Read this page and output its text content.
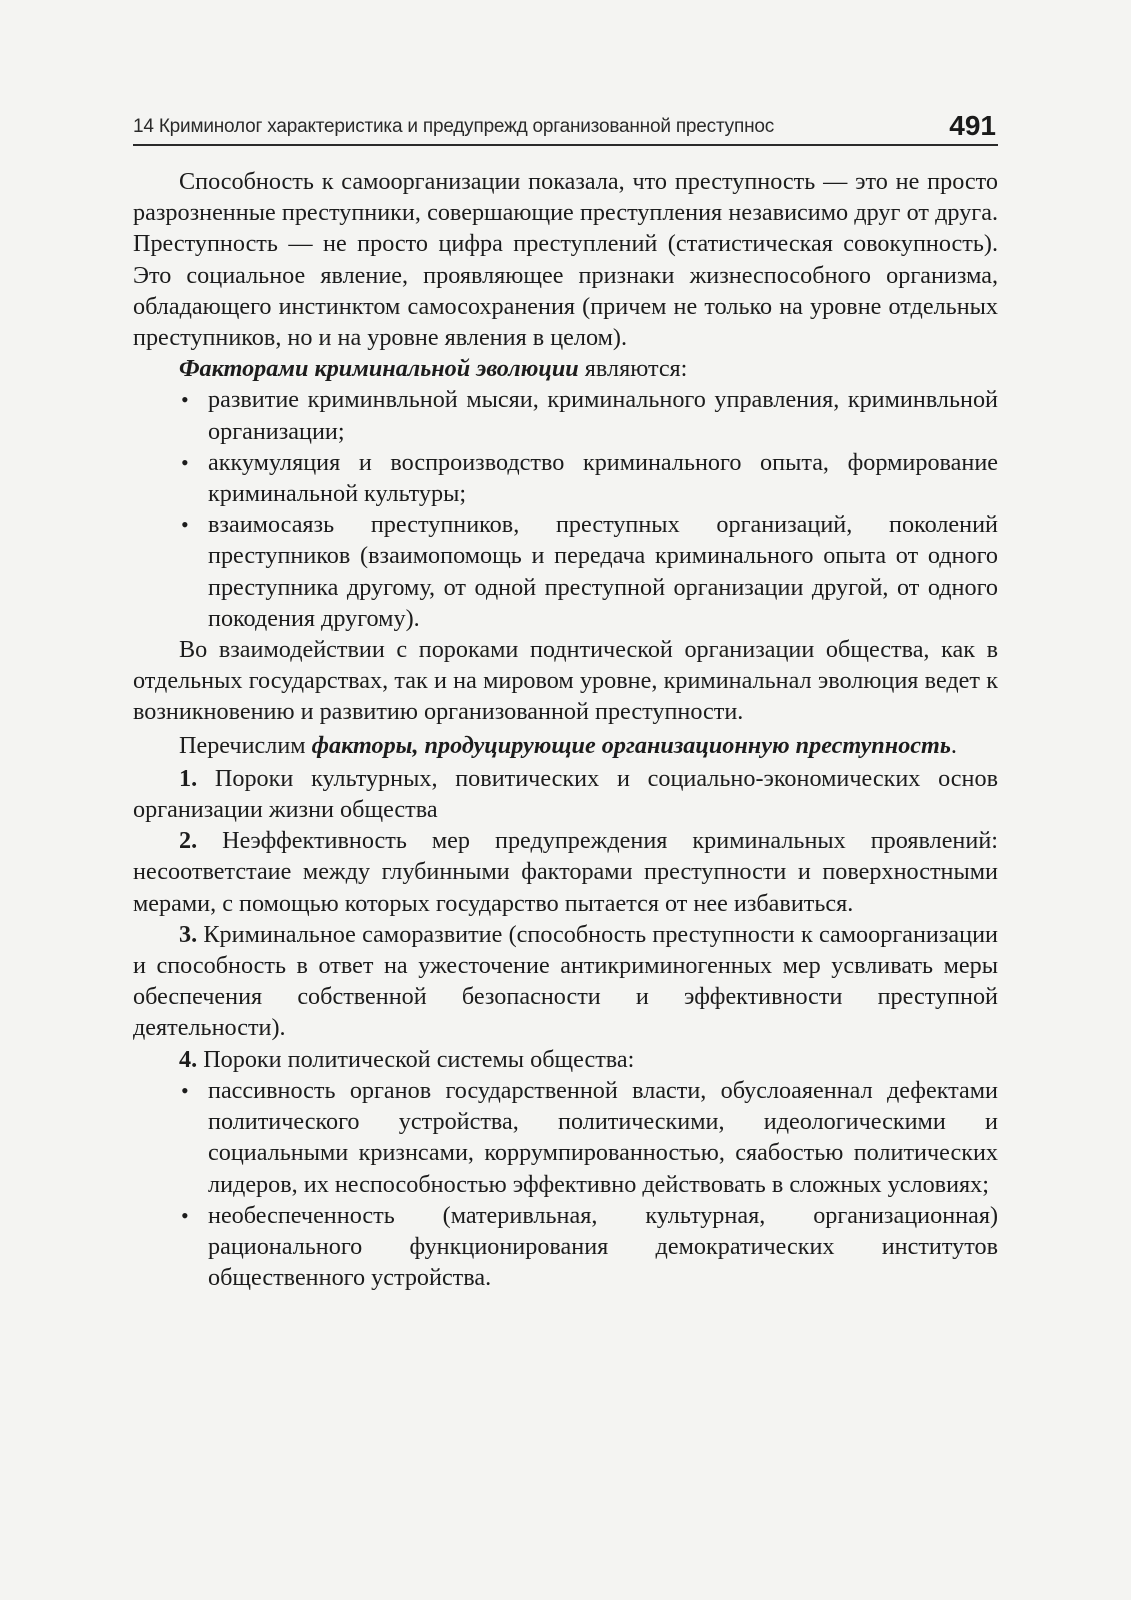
14 Криминолог характеристика и предупрежд организованной преступнос	491

Способность к самоорганизации показала, что преступность — это не просто разрозненные преступники, совершающие преступления независимо друг от друга. Преступность — не просто цифра преступлений (статистическая совокупность). Это социальное явление, проявляющее признаки жизнеспособного организма, обладающего инстинктом самосохранения (причем не только на уровне отдельных преступников, но и на уровне явления в целом).

Факторами криминальной эволюции являются:

• развитие криминвльной мысяи, криминального управления, криминвльной организации;
• аккумуляция и воспроизводство криминального опыта, формирование криминальной культуры;
• взаимосаязь преступников, преступных организаций, поколений преступников (взаимопомощь и передача криминального опыта от одного преступника другому, от одной преступной организации другой, от одного покодения другому).

Во взаимодействии с пороками поднтической организации общества, как в отдельных государствах, так и на мировом уровне, криминальнал эволюция ведет к возникновению и развитию организованной преступности.

Перечислим факторы, продуцирующие организационную преступность.

1. Пороки культурных, повитических и социально-экономических основ организации жизни общества

2. Неэффективность мер предупреждения криминальных проявлений: несоответстаие между глубинными факторами преступности и поверхностными мерами, с помощью которых государство пытается от нее избавиться.

3. Криминальное саморазвитие (способность преступности к самоорганизации и способность в ответ на ужесточение антикриминогенных мер усвливать меры обеспечения собственной безопасности и эффективности преступной деятельности).

4. Пороки политической системы общества:

• пассивность органов государственной власти, обуслоаяеннал дефектами политического устройства, политическими, идеологическими и социальными кризнсами, коррумпированностью, сяабостью политических лидеров, их неспособностью эффективно действовать в сложных условиях;
• необеспеченность (материвльная, культурная, организационная) рационального функционирования демократических институтов общественного устройства.
